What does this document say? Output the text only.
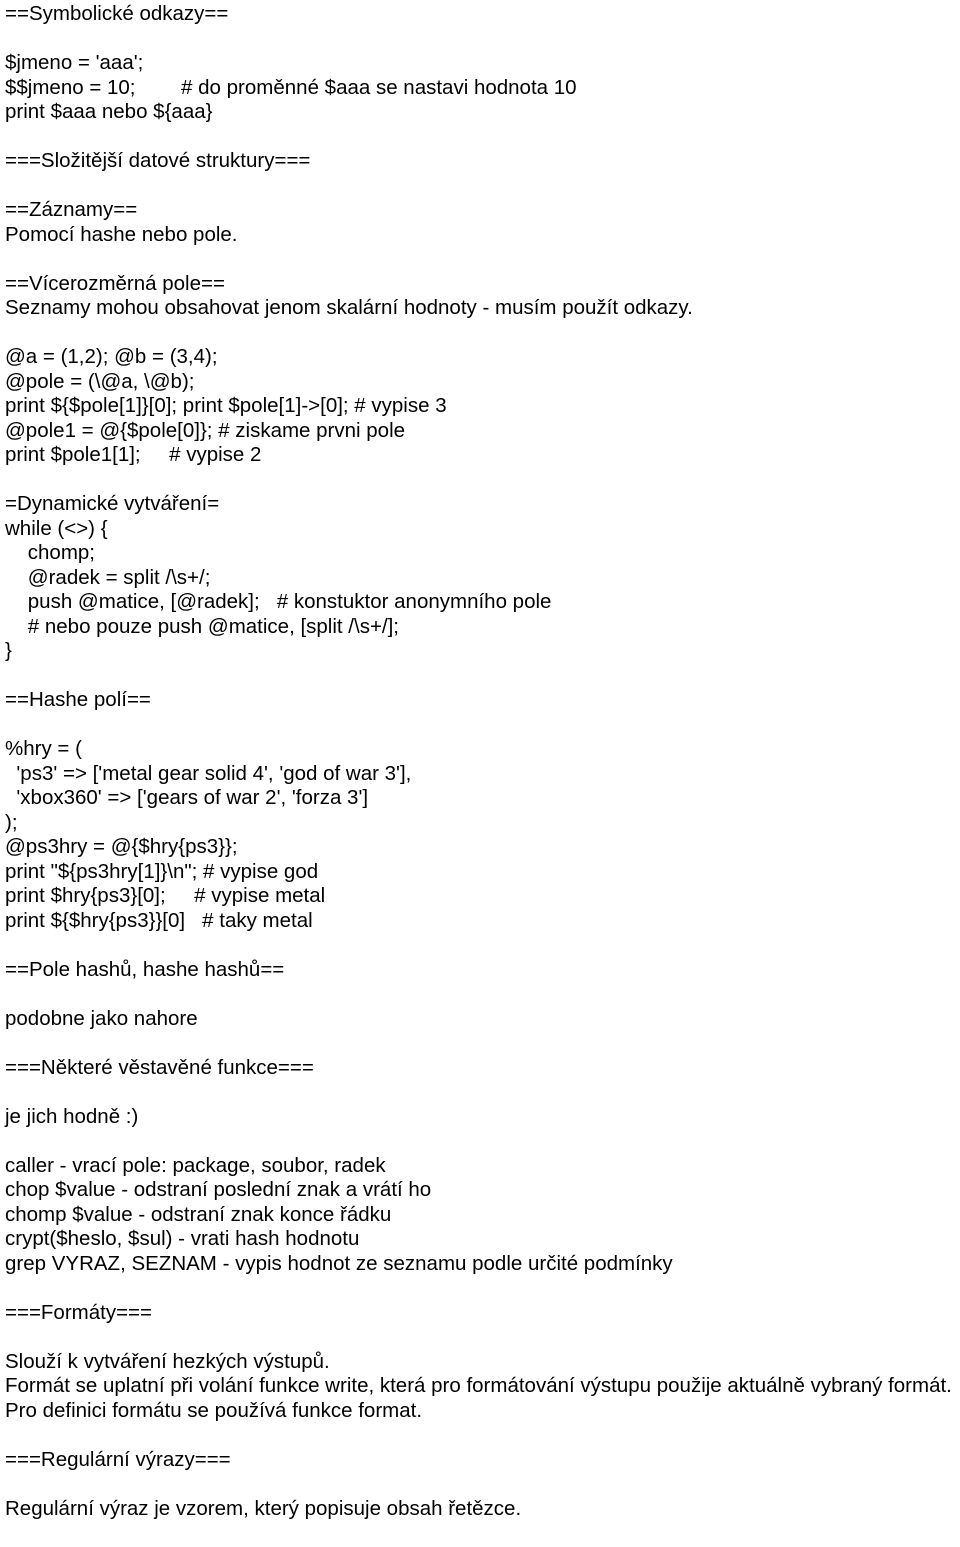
==Symbolické odkazy==
$jmeno = 'aaa';
$$jmeno = 10;        # do proměnné $aaa se nastavi hodnota 10
print $aaa nebo ${aaa}
===Složitější datové struktury===
==Záznamy==
Pomocí hashe nebo pole.
==Vícerozměrná pole==
Seznamy mohou obsahovat jenom skalární hodnoty - musím použít odkazy.
@a = (1,2); @b = (3,4);
@pole = (\@a, \@b);
print ${$pole[1]}[0]; print $pole[1]->[0]; # vypise 3
@pole1 = @{$pole[0]}; # ziskame prvni pole
print $pole1[1];     # vypise 2
=Dynamické vytváření=
while (<>) {
chomp;
@radek = split /\s+/;
push @matice, [@radek];   # konstuktor anonymního pole
# nebo pouze push @matice, [split /\s+/];
}
==Hashe polí==
%hry = (
'ps3' => ['metal gear solid 4', 'god of war 3'],
'xbox360' => ['gears of war 2', 'forza 3']
);
@ps3hry = @{$hry{ps3}};
print "${ps3hry[1]}\n"; # vypise god
print $hry{ps3}[0];     # vypise metal
print ${$hry{ps3}}[0]   # taky metal
==Pole hashů, hashe hashů==
podobne jako nahore
===Některé věstavěné funkce===
je jich hodně :)
caller - vrací pole: package, soubor, radek
chop $value - odstraní poslední znak a vrátí ho
chomp $value - odstraní znak konce řádku
crypt($heslo, $sul) - vrati hash hodnotu
grep VYRAZ, SEZNAM - vypis hodnot ze seznamu podle určité podmínky
===Formáty===
Slouží k vytváření hezkých výstupů.
Formát se uplatní při volání funkce write, která pro formátování výstupu použije aktuálně vybraný formát.
Pro definici formátu se používá funkce format.
===Regulární výrazy===
Regulární výraz je vzorem, který popisuje obsah řetězce.
